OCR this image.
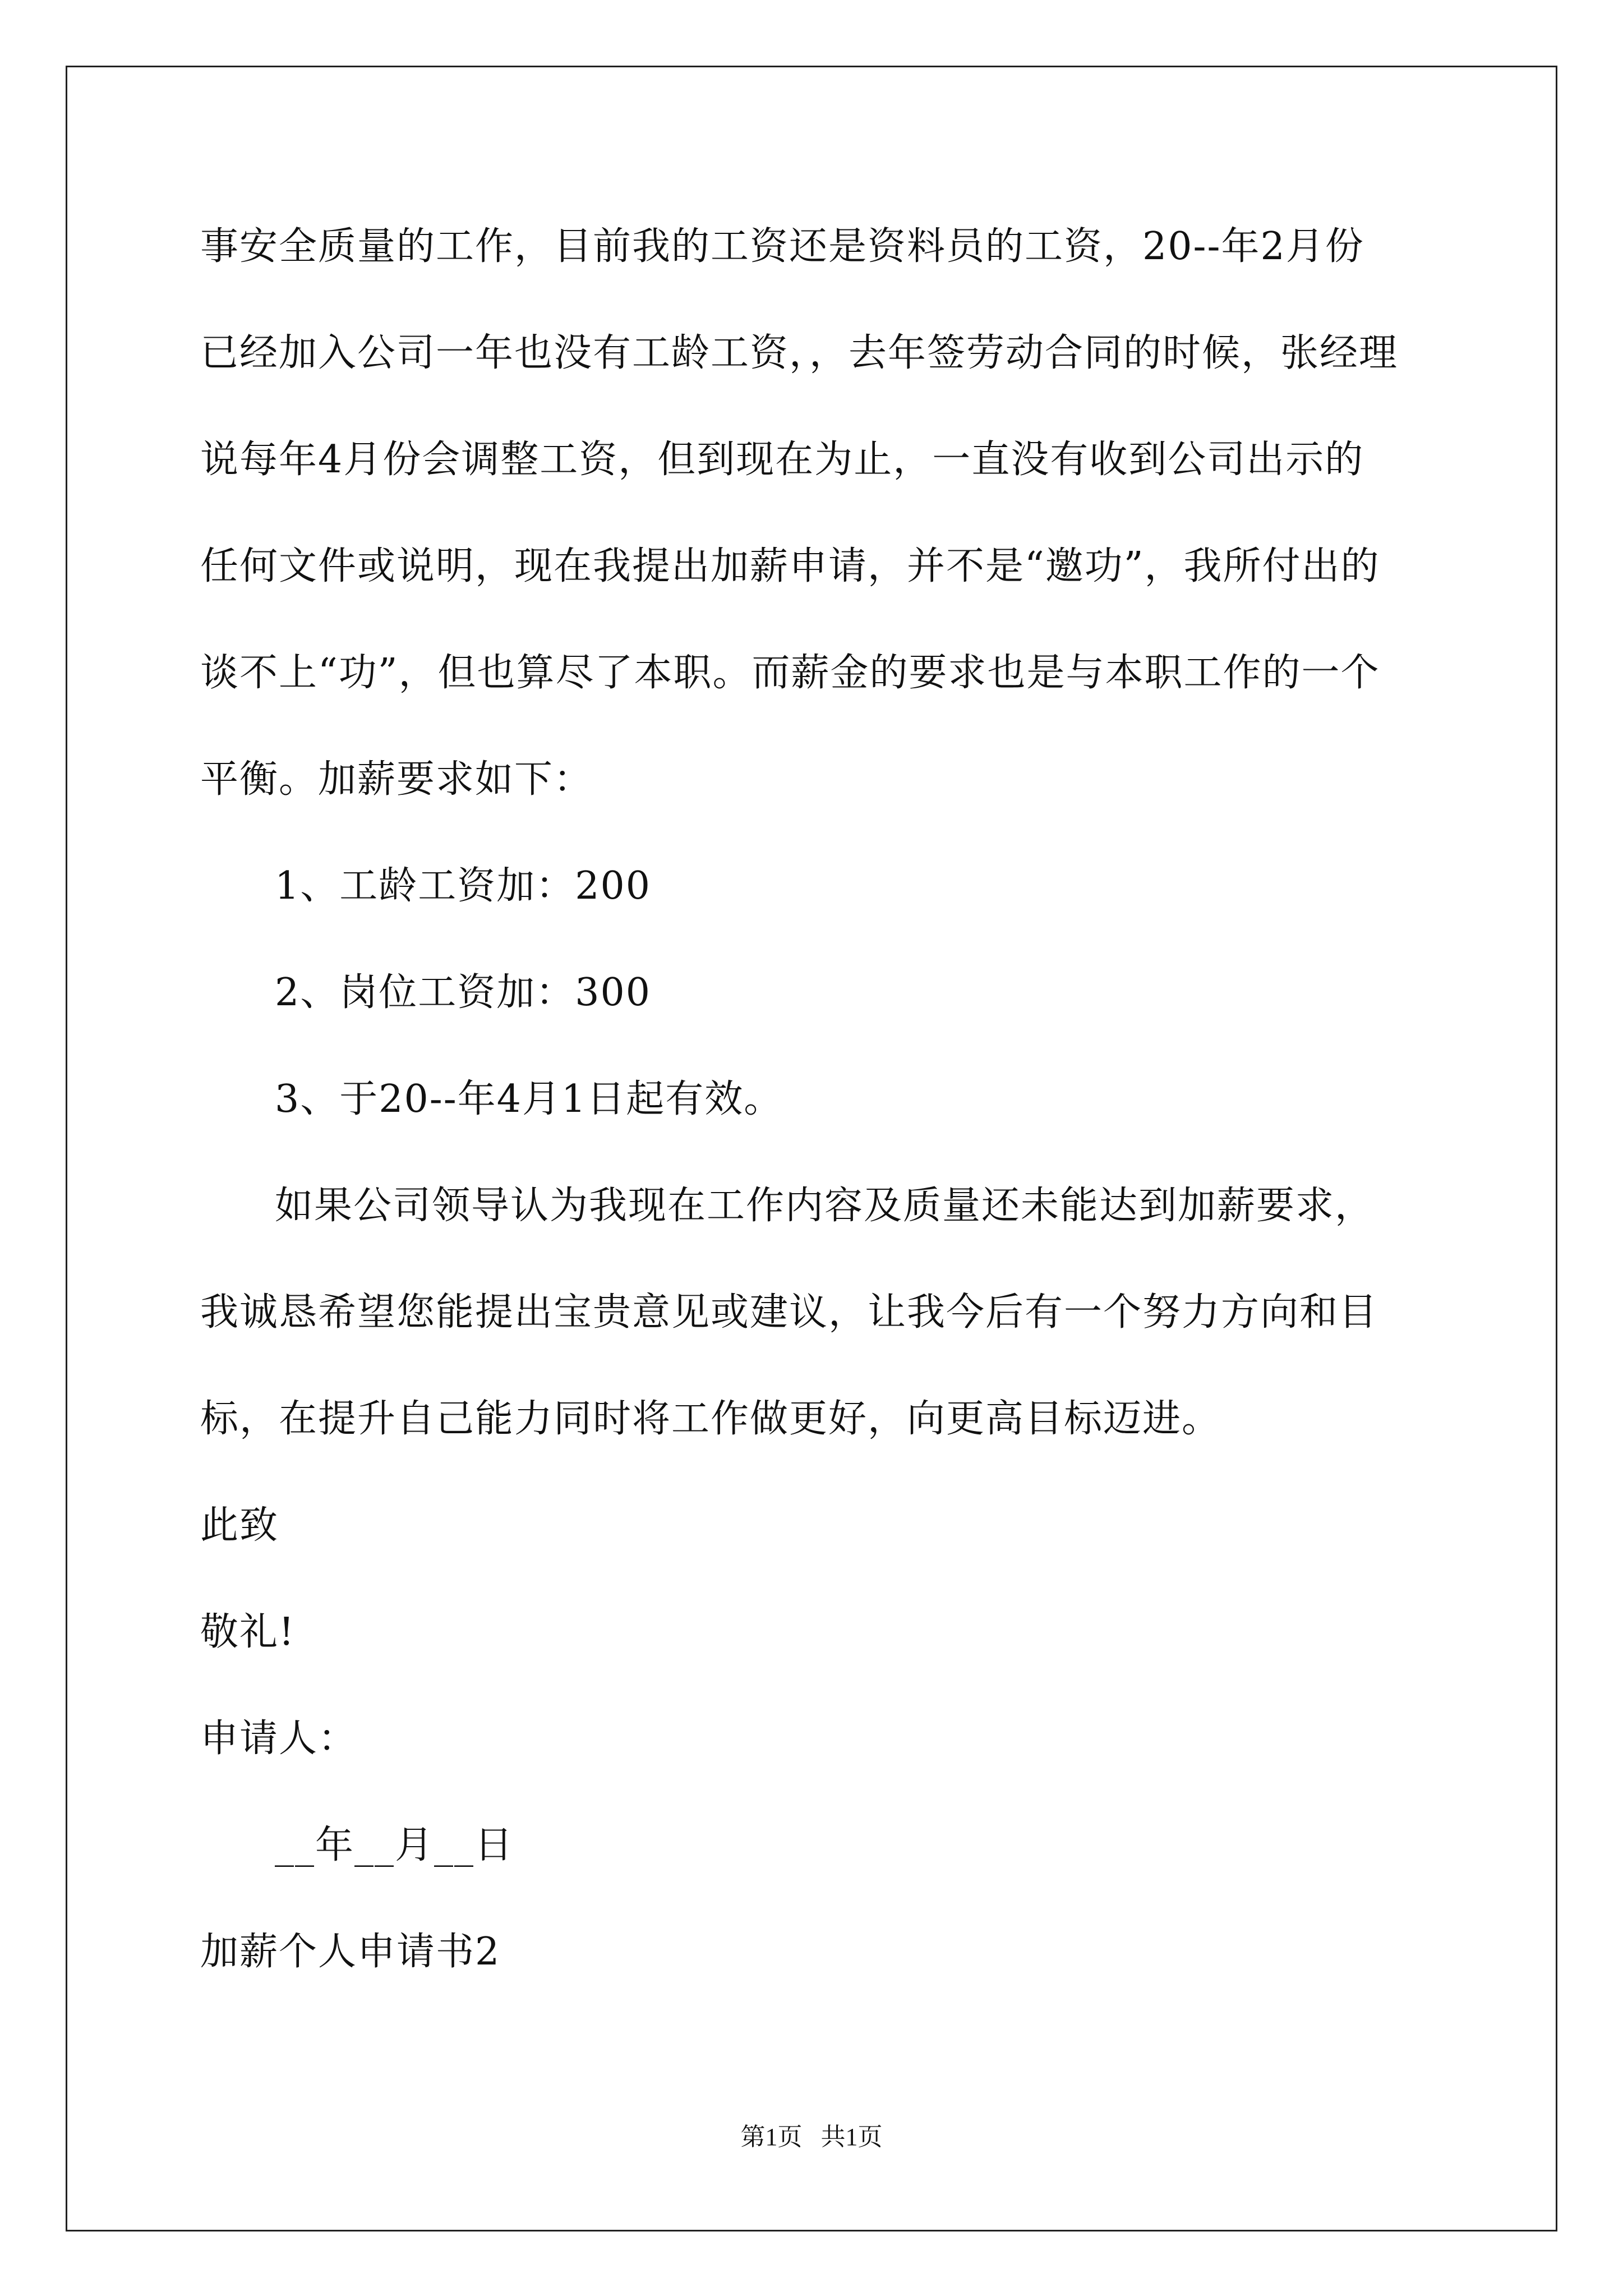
事安全质量的工作，目前我的工资还是资料员的工资，20--年2月份
已经加入公司一年也没有工龄工资，，去年签劳动合同的时候，张经理
说每年4月份会调整工资，但到现在为止，一直没有收到公司出示的
任何文件或说明，现在我提出加薪申请，并不是“邀功”，我所付出的
谈不上“功”，但也算尽了本职。而薪金的要求也是与本职工作的一个
平衡。加薪要求如下：
1、工龄工资加：200
2、岗位工资加：300
3、于20--年4月1日起有效。
如果公司领导认为我现在工作内容及质量还未能达到加薪要求，
我诚恳希望您能提出宝贵意见或建议，让我今后有一个努力方向和目
标，在提升自己能力同时将工作做更好，向更高目标迈进。
此致
敬礼!
申请人：
__年__月__日
加薪个人申请书2
第1页   共1页
